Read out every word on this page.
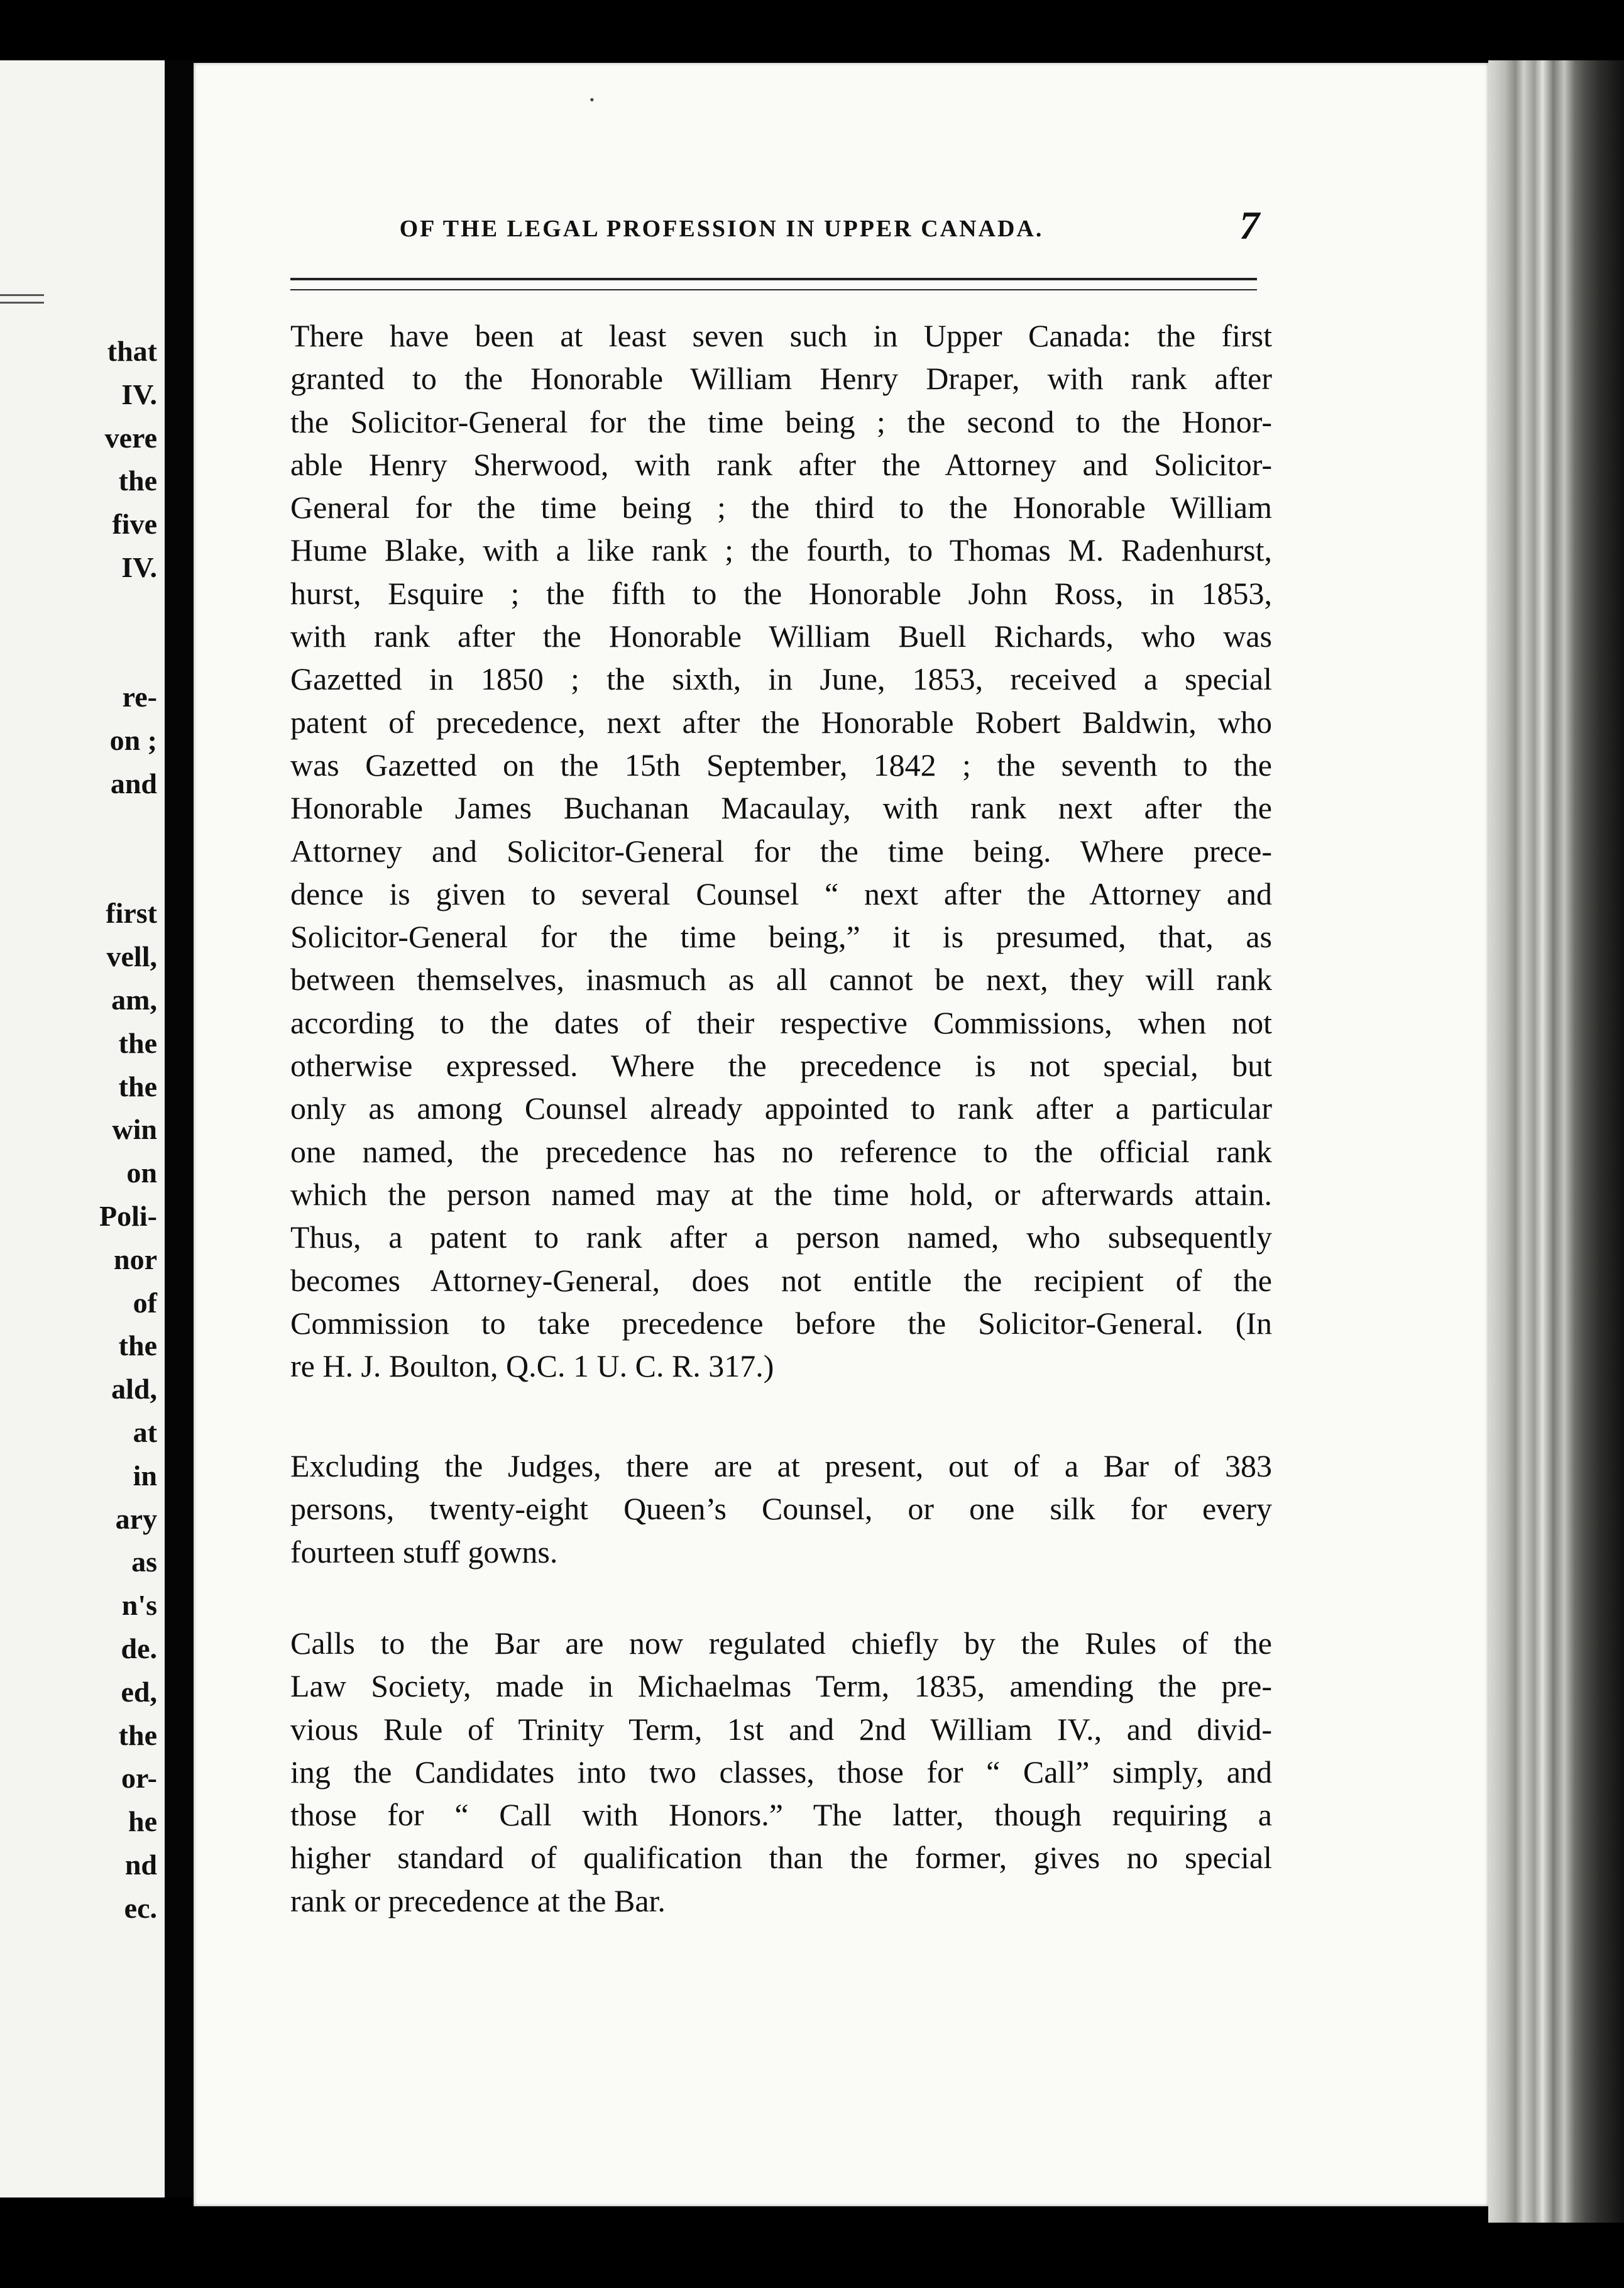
that
IV.
vere
the
five
IV.
re-
on ;
and
first
vell,
am,
the
the
win
on
Poli-
nor
of
the
ald,
at
in
ary
as
n's
de.
ed,
the
or-
he
nd
ec.
•
OF THE LEGAL PROFESSION IN UPPER CANADA.	7

There have been at least seven such in Upper Canada: the first
granted to the Honorable William Henry Draper, with rank after
the Solicitor-General for the time being ; the second to the Honor-
able Henry Sherwood, with rank after the Attorney and Solicitor-
General for the time being ; the third to the Honorable William
Hume Blake, with a like rank ; the fourth, to Thomas M. Radenhurst,
hurst, Esquire ; the fifth to the Honorable John Ross, in 1853,
with rank after the Honorable William Buell Richards, who was
Gazetted in 1850 ; the sixth, in June, 1853, received a special
patent of precedence, next after the Honorable Robert Baldwin, who
was Gazetted on the 15th September, 1842 ; the seventh to the
Honorable James Buchanan Macaulay, with rank next after the
Attorney and Solicitor-General for the time being. Where prece-
dence is given to several Counsel “ next after the Attorney and
Solicitor-General for the time being,” it is presumed, that, as
between themselves, inasmuch as all cannot be next, they will rank
according to the dates of their respective Commissions, when not
otherwise expressed. Where the precedence is not special, but
only as among Counsel already appointed to rank after a particular
one named, the precedence has no reference to the official rank
which the person named may at the time hold, or afterwards attain.
Thus, a patent to rank after a person named, who subsequently
becomes Attorney-General, does not entitle the recipient of the
Commission to take precedence before the Solicitor-General. (In
re H. J. Boulton, Q.C. 1 U. C. R. 317.)

Excluding the Judges, there are at present, out of a Bar of 383
persons, twenty-eight Queen’s Counsel, or one silk for every
fourteen stuff gowns.

Calls to the Bar are now regulated chiefly by the Rules of the
Law Society, made in Michaelmas Term, 1835, amending the pre-
vious Rule of Trinity Term, 1st and 2nd William IV., and divid-
ing the Candidates into two classes, those for “ Call” simply, and
those for “ Call with Honors.” The latter, though requiring a
higher standard of qualification than the former, gives no special
rank or precedence at the Bar.
